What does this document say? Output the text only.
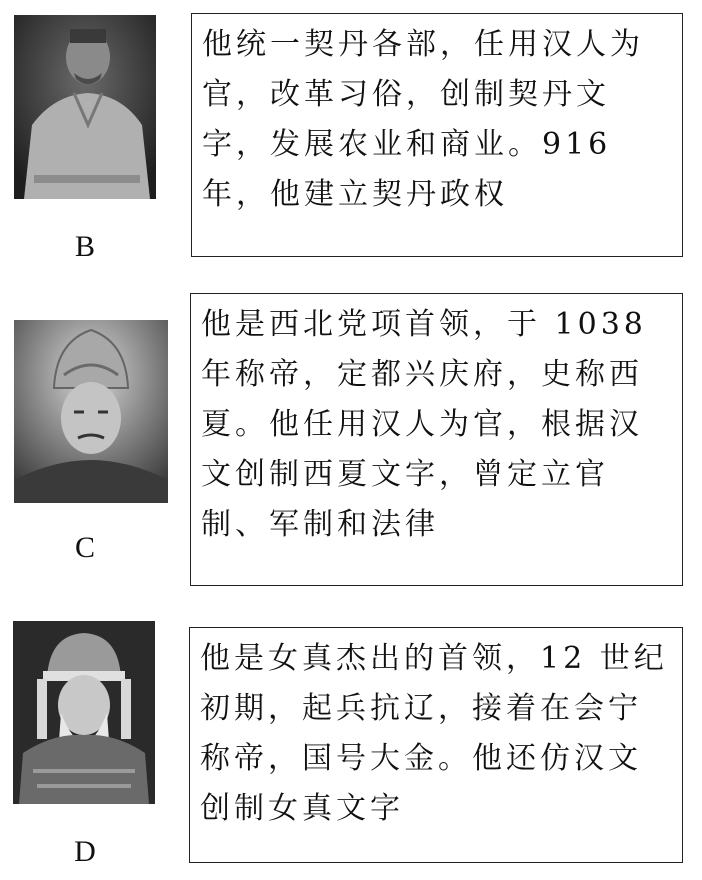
B
他统一契丹各部，任用汉人为官，改革习俗，创制契丹文字，发展农业和商业。916 年，他建立契丹政权
C
他是西北党项首领，于 1038 年称帝，定都兴庆府，史称西夏。他任用汉人为官，根据汉文创制西夏文字，曾定立官制、军制和法律
D
他是女真杰出的首领，12 世纪初期，起兵抗辽，接着在会宁称帝，国号大金。他还仿汉文创制女真文字
